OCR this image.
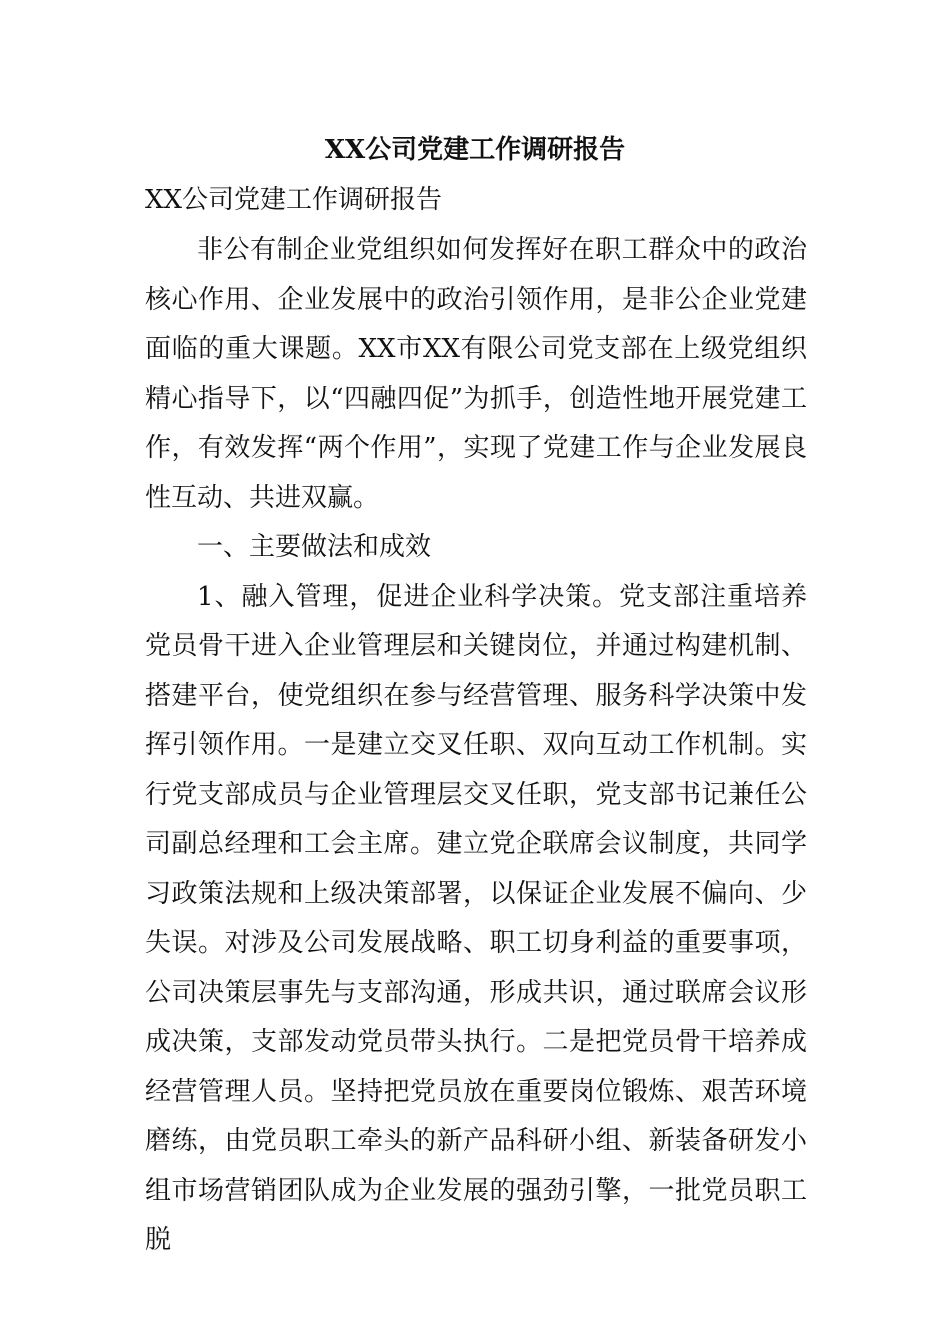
XX公司党建工作调研报告
XX公司党建工作调研报告

非公有制企业党组织如何发挥好在职工群众中的政治核心作用、企业发展中的政治引领作用，是非公企业党建面临的重大课题。XX市XX有限公司党支部在上级党组织精心指导下，以“四融四促”为抓手，创造性地开展党建工作，有效发挥“两个作用”，实现了党建工作与企业发展良性互动、共进双赢。

一、主要做法和成效

1、融入管理，促进企业科学决策。党支部注重培养党员骨干进入企业管理层和关键岗位，并通过构建机制、搭建平台，使党组织在参与经营管理、服务科学决策中发挥引领作用。一是建立交叉任职、双向互动工作机制。实行党支部成员与企业管理层交叉任职，党支部书记兼任公司副总经理和工会主席。建立党企联席会议制度，共同学习政策法规和上级决策部署，以保证企业发展不偏向、少失误。对涉及公司发展战略、职工切身利益的重要事项，公司决策层事先与支部沟通，形成共识，通过联席会议形成决策，支部发动党员带头执行。二是把党员骨干培养成经营管理人员。坚持把党员放在重要岗位锻炼、艰苦环境磨练，由党员职工牵头的新产品科研小组、新装备研发小组市场营销团队成为企业发展的强劲引擎，一批党员职工脱
